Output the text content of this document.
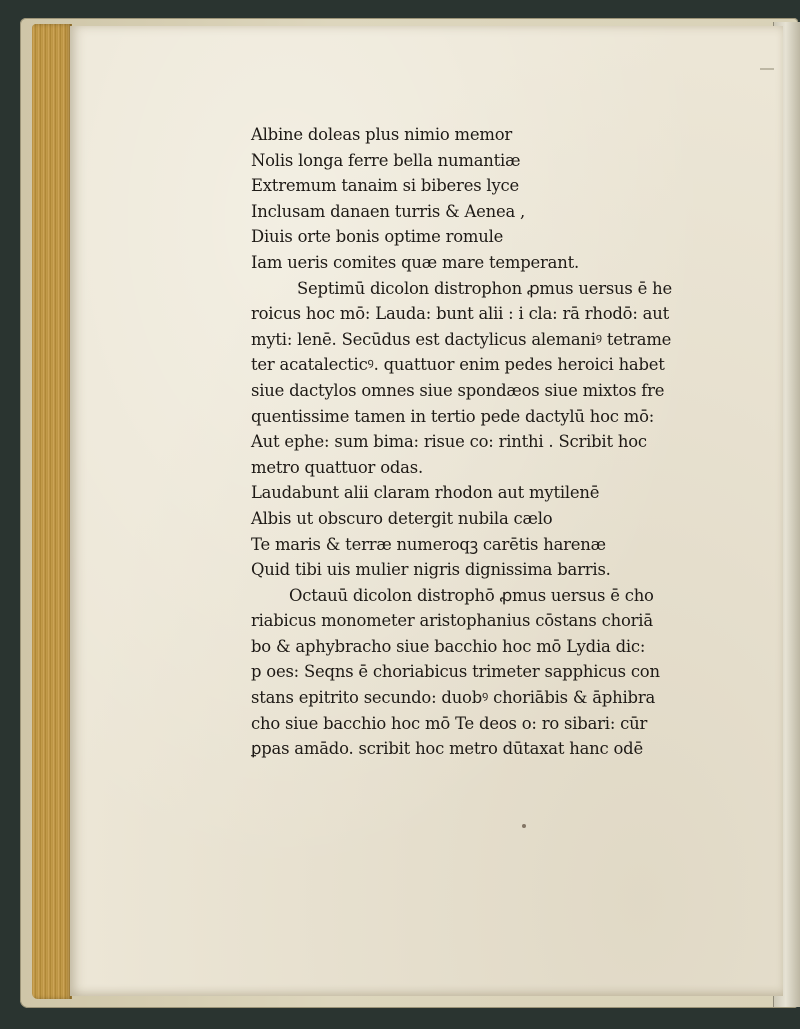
Albine doleas plus nimio memor
Nolis longa ferre bella numantiæ
Extremum tanaim si biberes lyce
Inclusam danaen turris & Aenea ,
Diuis orte bonis optime romule
Iam ueris comites quæ mare temperant.
Septimū dicolon distrophon ꝓmus uersus ē he
roicus hoc mō: Lauda: bunt alii : i cla: rā rhodō: aut
myti: lenē. Secūdus est dactylicus alemaniꝰ tetrame
ter acatalecticꝰ. quattuor enim pedes heroici habet
siue dactylos omnes siue spondæos siue mixtos fre
quentissime tamen in tertio pede dactylū hoc mō:
Aut ephe: sum bima: risue co: rinthi . Scribit hoc
metro quattuor odas.
Laudabunt alii claram rhodon aut mytilenē
Albis ut obscuro detergit nubila cælo
Te maris & terræ numeroqꝫ carētis harenæ
Quid tibi uis mulier nigris dignissima barris.
Octauū dicolon distrophō ꝓmus uersus ē cho
riabicus monometer aristophanius cōstans choriā
bo & aphybracho siue bacchio hoc mō Lydia dic:
p oes: Seqns ē choriabicus trimeter sapphicus con
stans epitrito secundo: duobꝰ choriābis & āphibra
cho siue bacchio hoc mō Te deos o: ro sibari: cūr
ꝑpas amādo. scribit hoc metro dūtaxat hanc odē
